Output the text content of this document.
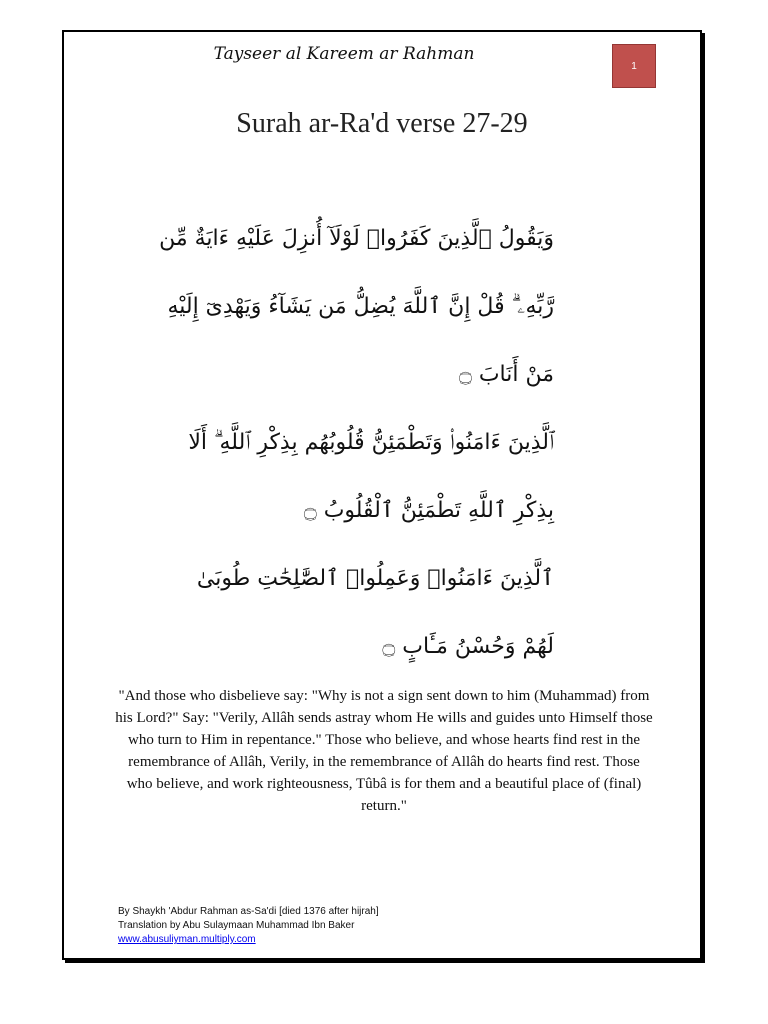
Tayseer al Kareem ar Rahman
1
Surah ar-Ra'd verse 27-29
وَيَقُولُ ٱلَّذِينَ كَفَرُوا۟ لَوْلَآ أُنزِلَ عَلَيْهِ ءَايَةٌ مِّن
رَّبِّهِۦ ۗ قُلْ إِنَّ ٱللَّهَ يُضِلُّ مَن يَشَآءُ وَيَهْدِىٓ إِلَيْهِ
مَنْ أَنَابَ ۝
ٱلَّذِينَ ءَامَنُوا۟ وَتَطْمَئِنُّ قُلُوبُهُم بِذِكْرِ ٱللَّهِ ۗ أَلَا
بِذِكْرِ ٱللَّهِ تَطْمَئِنُّ ٱلْقُلُوبُ ۝
ٱلَّذِينَ ءَامَنُوا۟ وَعَمِلُوا۟ ٱلصَّٰلِحَٰتِ طُوبَىٰ
لَهُمْ وَحُسْنُ مَـَٔابٍ ۝
"And those who disbelieve say: "Why is not a sign sent down to him (Muhammad) from his Lord?" Say: "Verily, Allâh sends astray whom He wills and guides unto Himself those who turn to Him in repentance." Those who believe, and whose hearts find rest in the remembrance of Allâh, Verily, in the remembrance of Allâh do hearts find rest. Those who believe, and work righteousness, Tûbâ is for them and a beautiful place of (final) return."
By Shaykh 'Abdur Rahman as-Sa'di [died 1376 after hijrah]
Translation by Abu Sulaymaan Muhammad Ibn Baker
www.abusuliyman.multiply.com
